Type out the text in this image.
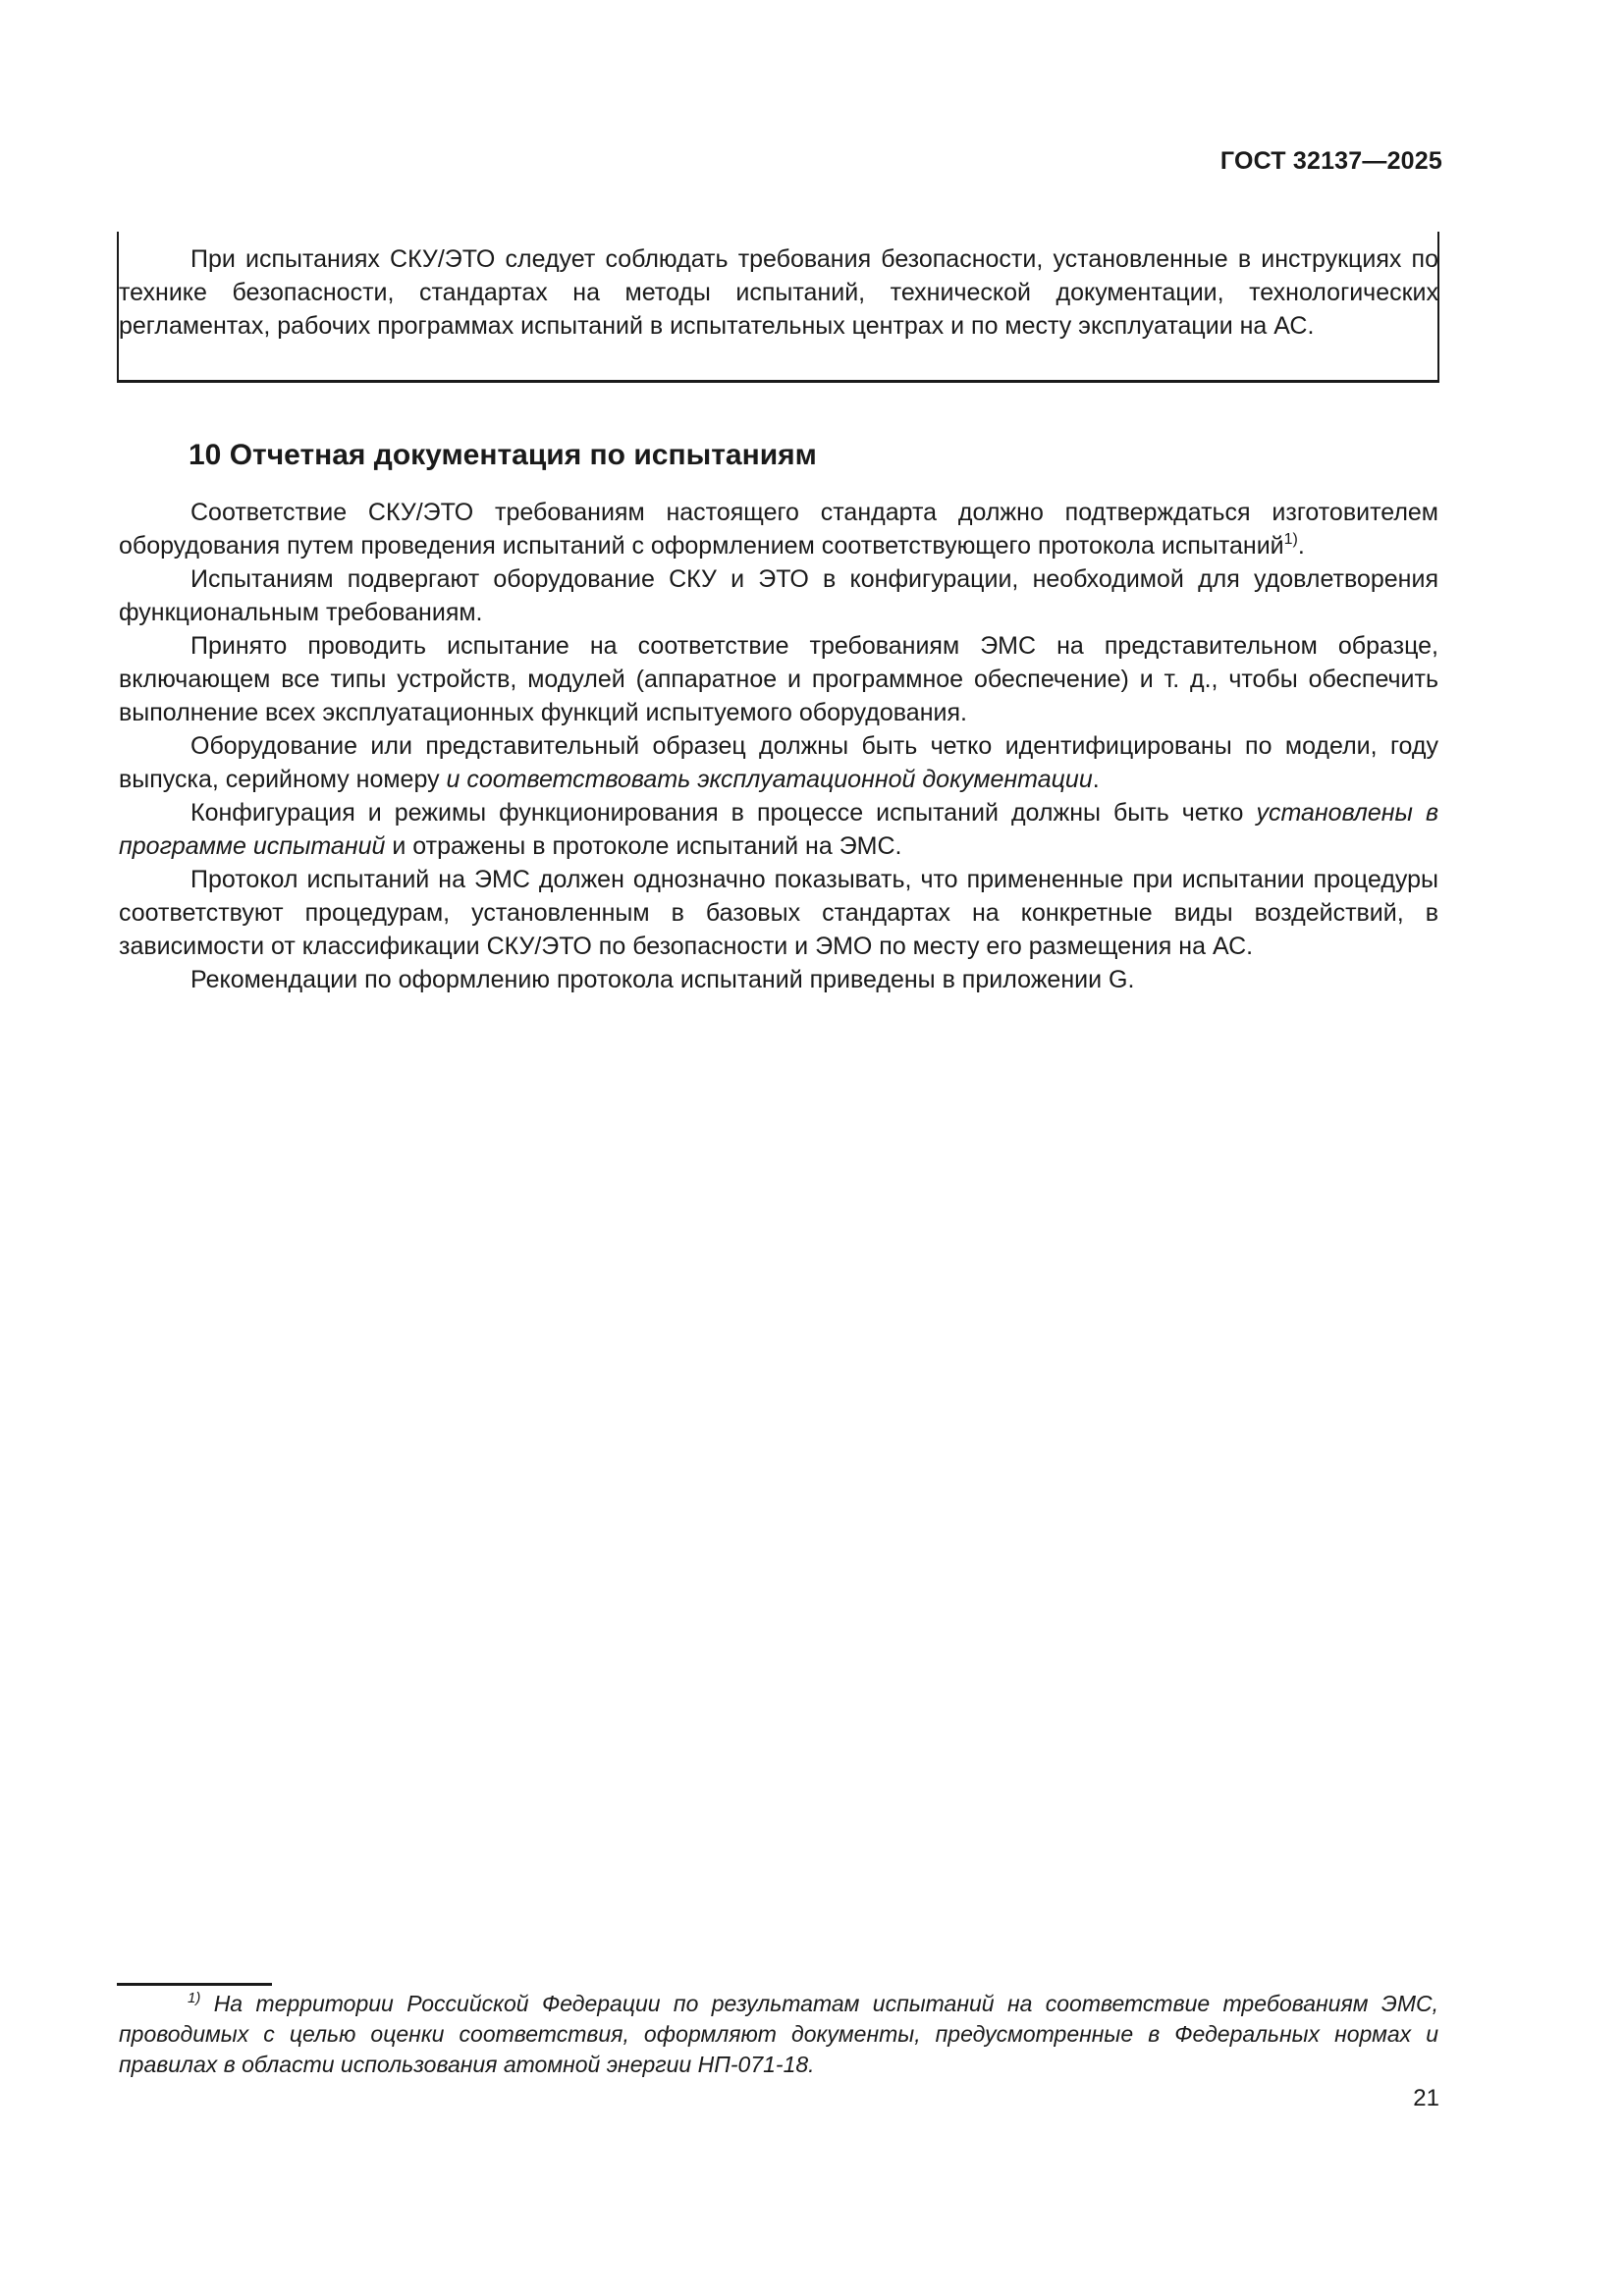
ГОСТ 32137—2025

При испытаниях СКУ/ЭТО следует соблюдать требования безопасности, установленные в инструкциях по технике безопасности, стандартах на методы испытаний, технической документации, технологических регламентах, рабочих программах испытаний в испытательных центрах и по месту эксплуатации на АС.

10 Отчетная документация по испытаниям

Соответствие СКУ/ЭТО требованиям настоящего стандарта должно подтверждаться изготовителем оборудования путем проведения испытаний с оформлением соответствующего протокола испытаний$^{1)}$.

Испытаниям подвергают оборудование СКУ и ЭТО в конфигурации, необходимой для удовлетворения функциональным требованиям.

Принято проводить испытание на соответствие требованиям ЭМС на представительном образце, включающем все типы устройств, модулей (аппаратное и программное обеспечение) и т. д., чтобы обеспечить выполнение всех эксплуатационных функций испытуемого оборудования.

Оборудование или представительный образец должны быть четко идентифицированы по модели, году выпуска, серийному номеру и соответствовать эксплуатационной документации.

Конфигурация и режимы функционирования в процессе испытаний должны быть четко установлены в программе испытаний и отражены в протоколе испытаний на ЭМС.

Протокол испытаний на ЭМС должен однозначно показывать, что примененные при испытании процедуры соответствуют процедурам, установленным в базовых стандартах на конкретные виды воздействий, в зависимости от классификации СКУ/ЭТО по безопасности и ЭМО по месту его размещения на АС.

Рекомендации по оформлению протокола испытаний приведены в приложении G.

$^{1)}$ На территории Российской Федерации по результатам испытаний на соответствие требованиям ЭМС, проводимых с целью оценки соответствия, оформляют документы, предусмотренные в Федеральных нормах и правилах в области использования атомной энергии НП-071-18.
21
